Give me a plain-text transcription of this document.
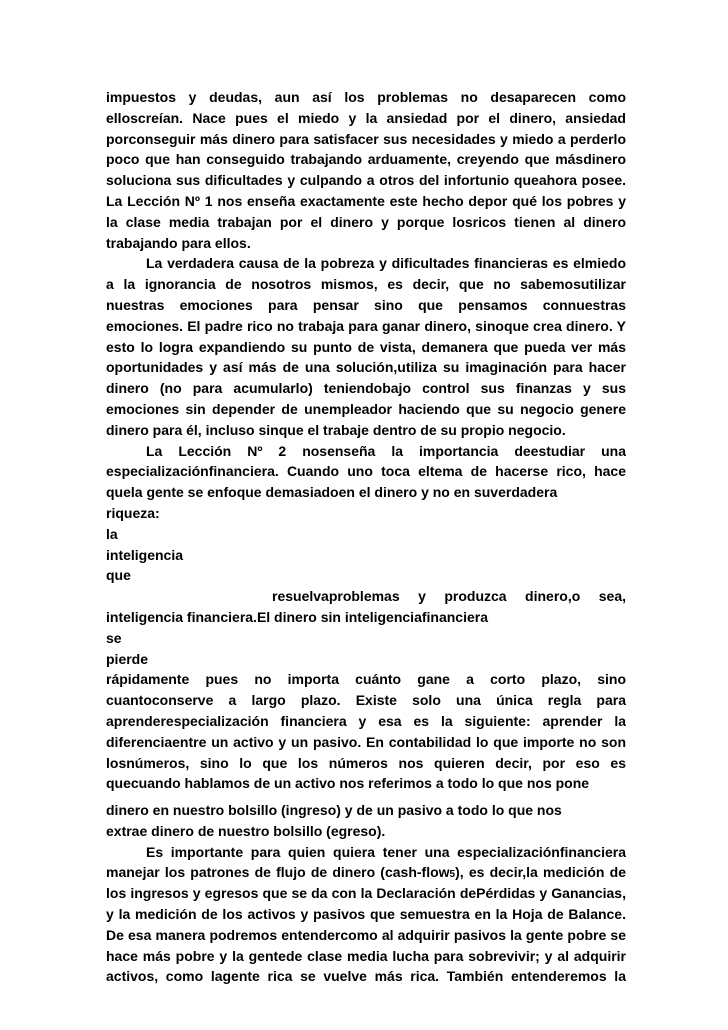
impuestos y deudas, aun así los problemas no desaparecen como
elloscreían. Nace pues el miedo y la ansiedad por el dinero, ansiedad
porconseguir más dinero para satisfacer sus necesidades y miedo a perderlo
poco que han conseguido trabajando arduamente, creyendo que másdinero
soluciona sus dificultades y culpando a otros del infortunio queahora posee.
La Lección Nº 1 nos enseña exactamente este hecho depor qué los pobres y
la clase media trabajan por el dinero y porque losricos tienen al dinero
trabajando para ellos.
La verdadera causa de la pobreza y dificultades financieras es elmiedo
a la ignorancia de nosotros mismos, es decir, que no sabemosutilizar
nuestras emociones para pensar sino que pensamos connuestras
emociones. El padre rico no trabaja para ganar dinero, sinoque crea dinero. Y
esto lo logra expandiendo su punto de vista, demanera que pueda ver más
oportunidades y así más de una solución,utiliza su imaginación para hacer
dinero (no para acumularlo) teniendobajo control sus finanzas y sus
emociones sin depender de unempleador haciendo que su negocio genere
dinero para él, incluso sinque el trabaje dentro de su propio negocio.
La Lección Nº 2 nosenseña la importancia deestudiar una
especializaciónfinanciera. Cuando uno toca eltema de hacerse rico, hace
quela gente se enfoque demasiadoen el dinero y no en suverdadera
riqueza:
la
inteligencia
que
resuelvaproblemas y produzca dinero,o sea,
inteligencia financiera.El dinero sin inteligenciafinanciera
se
pierde
rápidamente pues no importa cuánto gane a corto plazo, sino
cuantoconserve a largo plazo. Existe solo una única regla para
aprenderespecialización financiera y esa es la siguiente: aprender la
diferenciaentre un activo y un pasivo. En contabilidad lo que importe no son
losnúmeros, sino lo que los números nos quieren decir, por eso es
quecuando hablamos de un activo nos referimos a todo lo que nos pone
dinero en nuestro bolsillo (ingreso) y de un pasivo a todo lo que nos
extrae dinero de nuestro bolsillo (egreso).
Es importante para quien quiera tener una especializaciónfinanciera
manejar los patrones de flujo de dinero (cash-flow5), es decir,la medición de
los ingresos y egresos que se da con la Declaración dePérdidas y Ganancias,
y la medición de los activos y pasivos que semuestra en la Hoja de Balance.
De esa manera podremos entendercomo al adquirir pasivos la gente pobre se
hace más pobre y la gentede clase media lucha para sobrevivir; y al adquirir
activos, como lagente rica se vuelve más rica. También entenderemos la
